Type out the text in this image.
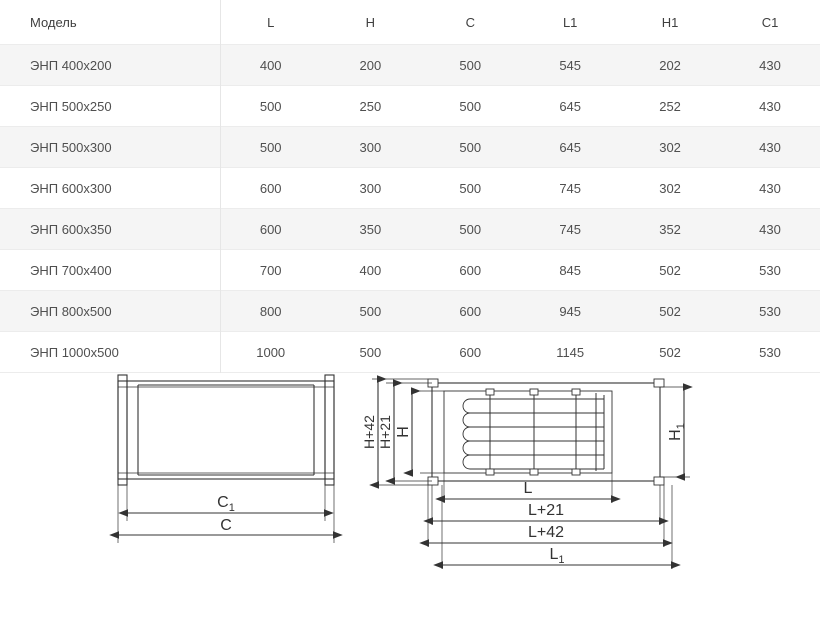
Модель	L	H	C	L1	H1	C1
ЭНП 400х200	400	200	500	545	202	430
ЭНП 500х250	500	250	500	645	252	430
ЭНП 500х300	500	300	500	645	302	430
ЭНП 600х300	600	300	500	745	302	430
ЭНП 600х350	600	350	500	745	352	430
ЭНП 700х400	700	400	600	845	502	530
ЭНП 800х500	800	500	600	945	502	530
ЭНП 1000х500	1000	500	600	1145	502	530
$C_1$
C
H+42 H+21 H	$H_1$
L
L+21
L+42
$L_1$
